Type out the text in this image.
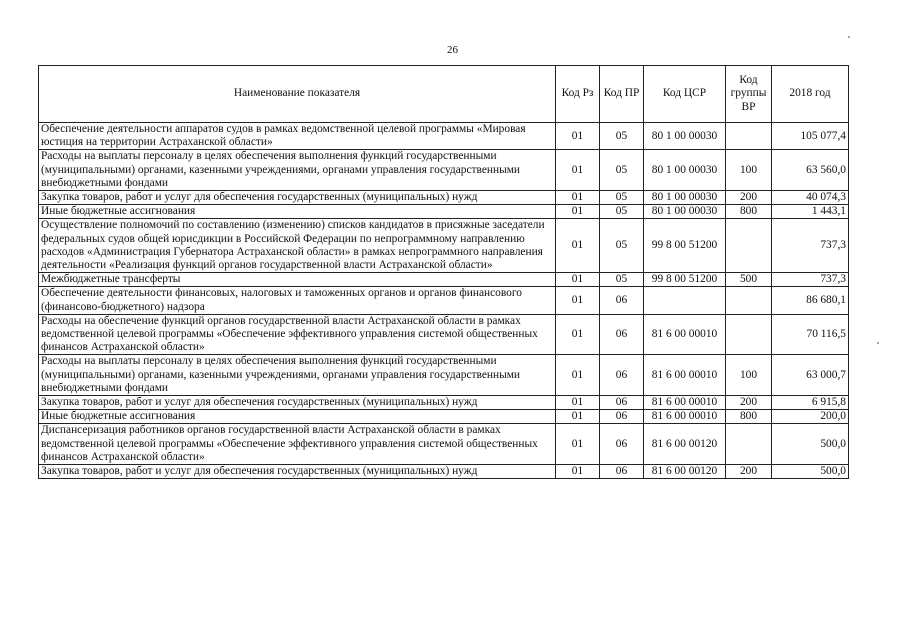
26
Наименование показателя	Код Рз	Код ПР	Код ЦСР	Код группы ВР	2018 год
Обеспечение деятельности аппаратов судов в рамках ведомственной целевой программы «Мировая юстиция на территории Астраханской области»	01	05	80 1 00 00030		105 077,4
Расходы на выплаты персоналу в целях обеспечения выполнения функций государственными (муниципальными) органами, казенными учреждениями, органами управления государственными внебюджетными фондами	01	05	80 1 00 00030	100	63 560,0
Закупка товаров, работ и услуг для обеспечения государственных (муниципальных) нужд	01	05	80 1 00 00030	200	40 074,3
Иные бюджетные ассигнования	01	05	80 1 00 00030	800	1 443,1
Осуществление полномочий по составлению (изменению) списков кандидатов в присяжные заседатели федеральных судов общей юрисдикции в Российской Федерации по непрограммному направлению расходов «Администрация Губернатора Астраханской области» в рамках непрограммного направления деятельности «Реализация функций органов государственной власти Астраханской области»	01	05	99 8 00 51200		737,3
Межбюджетные трансферты	01	05	99 8 00 51200	500	737,3
Обеспечение деятельности финансовых, налоговых и таможенных органов и органов финансового (финансово-бюджетного) надзора	01	06			86 680,1
Расходы на обеспечение функций органов государственной власти Астраханской области в рамках ведомственной целевой программы «Обеспечение эффективного управления системой общественных финансов Астраханской области»	01	06	81 6 00 00010		70 116,5
Расходы на выплаты персоналу в целях обеспечения выполнения функций государственными (муниципальными) органами, казенными учреждениями, органами управления государственными внебюджетными фондами	01	06	81 6 00 00010	100	63 000,7
Закупка товаров, работ и услуг для обеспечения государственных (муниципальных) нужд	01	06	81 6 00 00010	200	6 915,8
Иные бюджетные ассигнования	01	06	81 6 00 00010	800	200,0
Диспансеризация работников органов государственной власти Астраханской области в рамках ведомственной целевой программы «Обеспечение эффективного управления системой общественных финансов Астраханской области»	01	06	81 6 00 00120		500,0
Закупка товаров, работ и услуг для обеспечения государственных (муниципальных) нужд	01	06	81 6 00 00120	200	500,0
